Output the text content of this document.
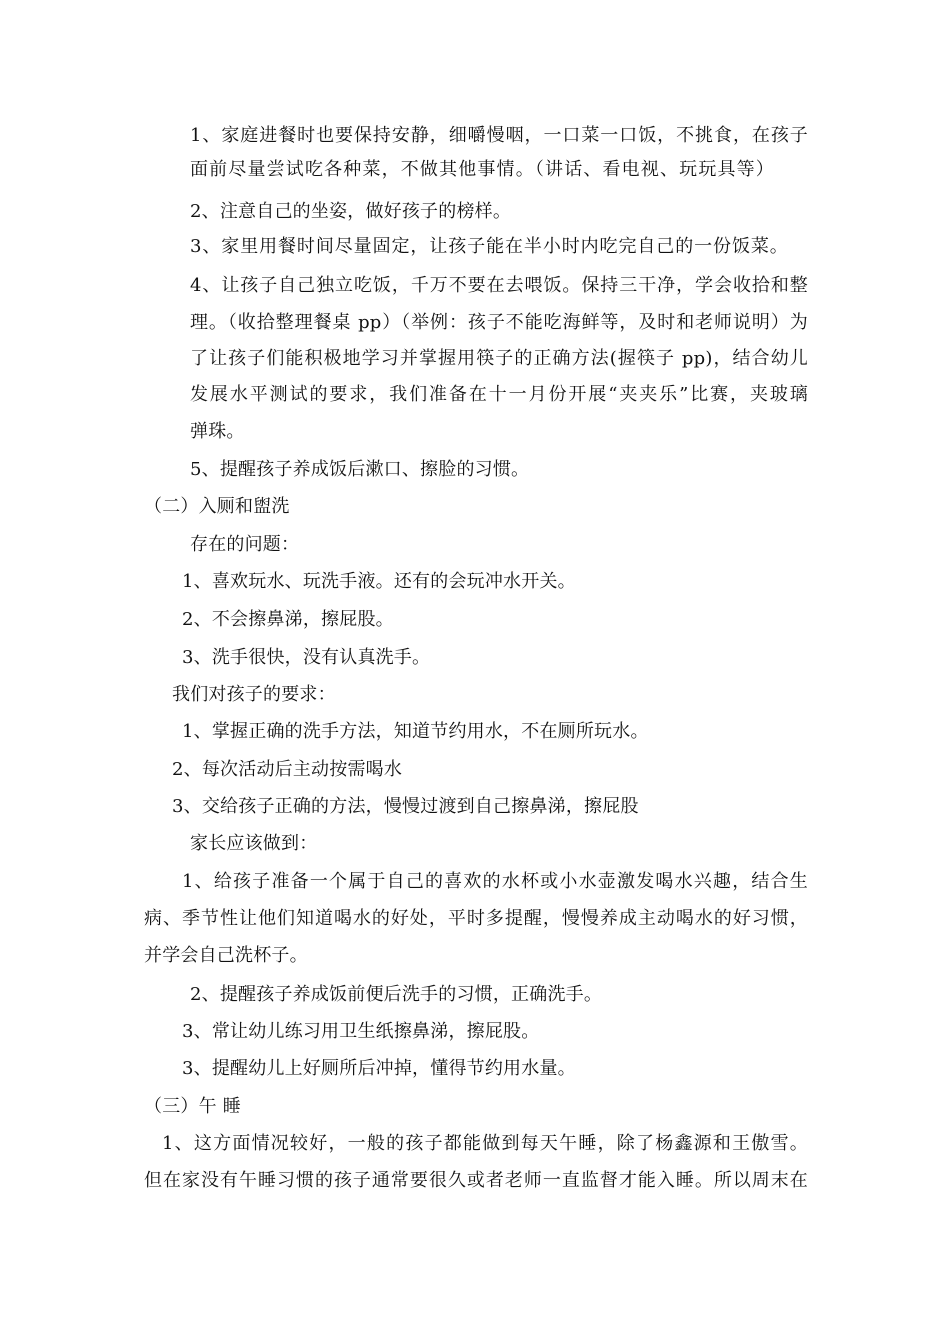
1、家庭进餐时也要保持安静，细嚼慢咽，一口菜一口饭，不挑食，在孩子
面前尽量尝试吃各种菜，不做其他事情。（讲话、看电视、玩玩具等）
2、注意自己的坐姿，做好孩子的榜样。
3、家里用餐时间尽量固定，让孩子能在半小时内吃完自己的一份饭菜。
4、让孩子自己独立吃饭，千万不要在去喂饭。保持三干净，学会收拾和整
理。（收拾整理餐桌 pp）（举例：孩子不能吃海鲜等，及时和老师说明）为
了让孩子们能积极地学习并掌握用筷子的正确方法(握筷子 pp)，结合幼儿
发展水平测试的要求，我们准备在十一月份开展“夹夹乐”比赛，夹玻璃
弹珠。
5、提醒孩子养成饭后漱口、擦脸的习惯。
（二）入厕和盥洗
存在的问题：
1、喜欢玩水、玩洗手液。还有的会玩冲水开关。
2、不会擦鼻涕，擦屁股。
3、洗手很快，没有认真洗手。
我们对孩子的要求：
1、掌握正确的洗手方法，知道节约用水，不在厕所玩水。
2、每次活动后主动按需喝水
3、交给孩子正确的方法，慢慢过渡到自己擦鼻涕，擦屁股
家长应该做到：
1、给孩子准备一个属于自己的喜欢的水杯或小水壶激发喝水兴趣，结合生
病、季节性让他们知道喝水的好处，平时多提醒，慢慢养成主动喝水的好习惯，
并学会自己洗杯子。
2、提醒孩子养成饭前便后洗手的习惯，正确洗手。
3、常让幼儿练习用卫生纸擦鼻涕，擦屁股。
3、提醒幼儿上好厕所后冲掉，懂得节约用水量。
（三）午 睡
1、这方面情况较好，一般的孩子都能做到每天午睡，除了杨鑫源和王傲雪。
但在家没有午睡习惯的孩子通常要很久或者老师一直监督才能入睡。所以周末在
